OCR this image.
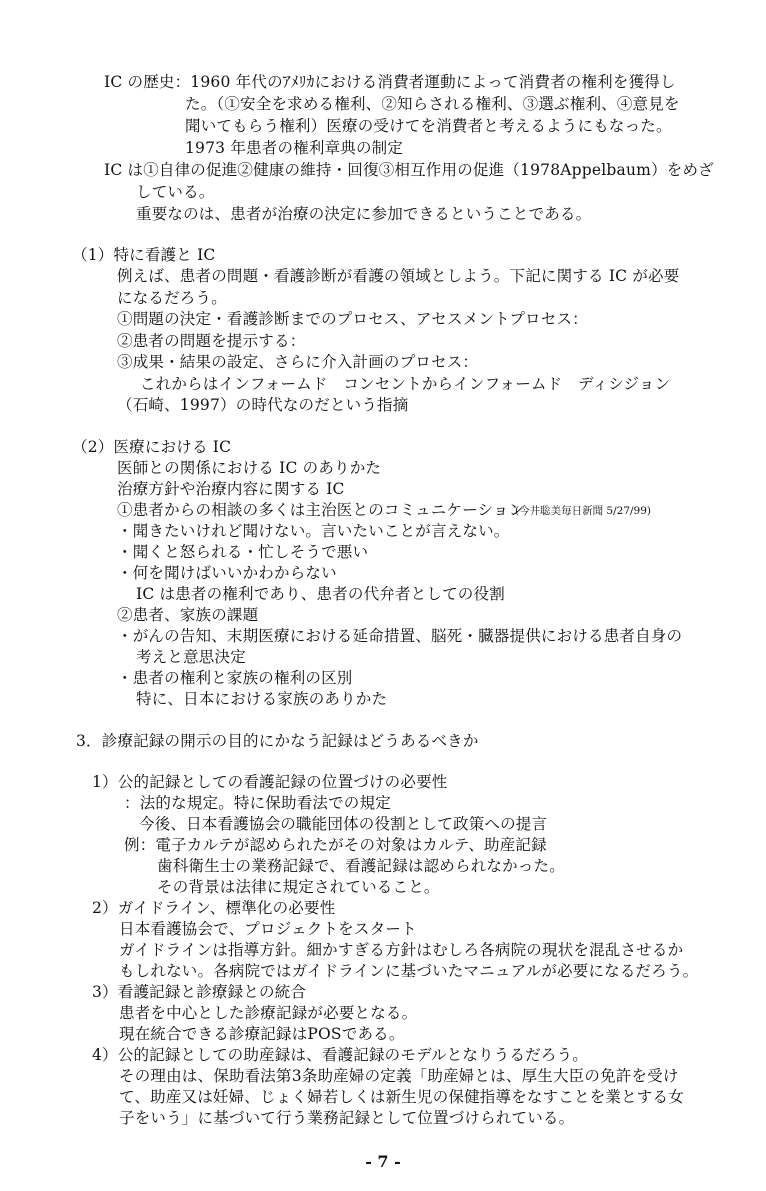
IC の歴史：1960 年代のｱﾒﾘｶにおける消費者運動によって消費者の権利を獲得し
た。（①安全を求める権利、②知らされる権利、③選ぶ権利、④意見を
聞いてもらう権利）医療の受けてを消費者と考えるようにもなった。
1973 年患者の権利章典の制定
IC は①自律の促進②健康の維持・回復③相互作用の促進（1978Appelbaum）をめざ
している。
重要なのは、患者が治療の決定に参加できるということである。
（1）特に看護と IC
例えば、患者の問題・看護診断が看護の領域としよう。下記に関する IC が必要
になるだろう。
①問題の決定・看護診断までのプロセス、アセスメントプロセス：
②患者の問題を提示する：
③成果・結果の設定、さらに介入計画のプロセス：
これからはインフォームド　コンセントからインフォームド　ディシジョン
（石崎、1997）の時代なのだという指摘
（2）医療における IC
医師との関係における IC のありかた
治療方針や治療内容に関する IC
①患者からの相談の多くは主治医とのコミュニケーション
・聞きたいけれど聞けない。言いたいことが言えない。
・聞くと怒られる・忙しそうで悪い
・何を聞けばいいかわからない
IC は患者の権利であり、患者の代弁者としての役割
②患者、家族の課題
・がんの告知、末期医療における延命措置、脳死・臓器提供における患者自身の
考えと意思決定
・患者の権利と家族の権利の区別
特に、日本における家族のありかた
3．診療記録の開示の目的にかなう記録はどうあるべきか
1）公的記録としての看護記録の位置づけの必要性
：法的な規定。特に保助看法での規定
今後、日本看護協会の職能団体の役割として政策への提言
例：電子カルテが認められたがその対象はカルテ、助産記録
歯科衛生士の業務記録で、看護記録は認められなかった。
その背景は法律に規定されていること。
2）ガイドライン、標準化の必要性
日本看護協会で、プロジェクトをスタート
ガイドラインは指導方針。細かすぎる方針はむしろ各病院の現状を混乱させるか
もしれない。各病院ではガイドラインに基づいたマニュアルが必要になるだろう。
3）看護記録と診療録との統合
患者を中心とした診療記録が必要となる。
現在統合できる診療記録はPOSである。
4）公的記録としての助産録は、看護記録のモデルとなりうるだろう。
その理由は、保助看法第3条助産婦の定義「助産婦とは、厚生大臣の免許を受け
て、助産又は妊婦、じょく婦若しくは新生児の保健指導をなすことを業とする女
子をいう」に基づいて行う業務記録として位置づけられている。
(今井聡美毎日新聞 5/27/99)
- 7 -
